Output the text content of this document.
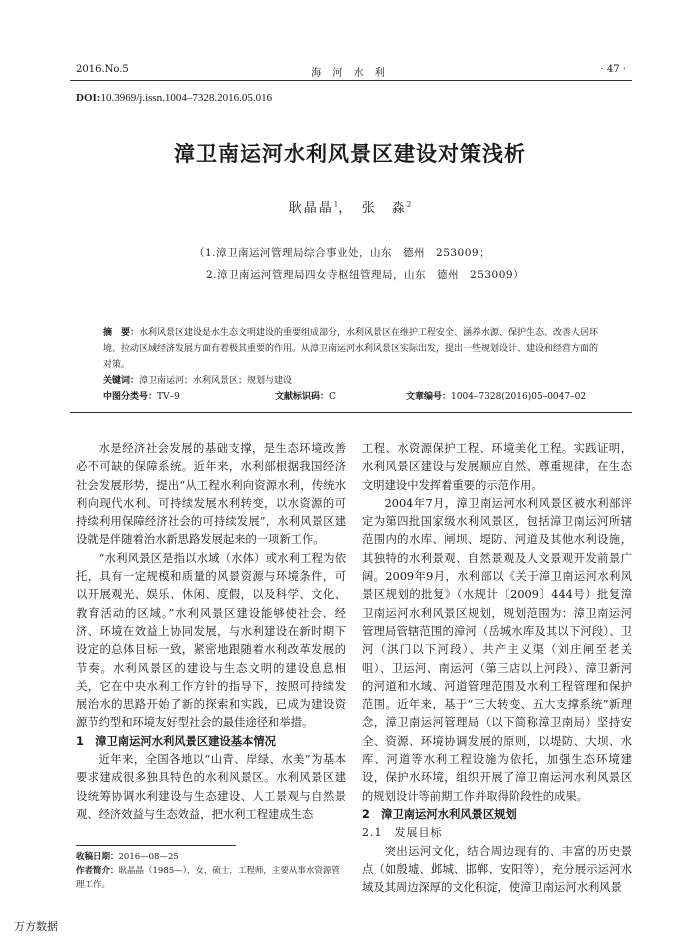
2016.No.5	海 河 水 利	· 47 ·
DOI:10.3969/j.issn.1004–7328.2016.05.016
漳卫南运河水利风景区建设对策浅析
耿晶晶$^1$，　 张　淼$^2$
（1.漳卫南运河管理局综合事业处，山东　德州　253009；
2.漳卫南运河管理局四女寺枢纽管理局，山东　德州　253009）
摘　要：水利风景区建设是水生态文明建设的重要组成部分，水利风景区在维护工程安全、涵养水源、保护生态、改善人居环境、拉动区域经济发展方面有着极其重要的作用。从漳卫南运河水利风景区实际出发，提出一些规划设计、建设和经营方面的对策。
关键词：漳卫南运河；水利风景区；规划与建设
中图分类号：TV–9	文献标识码：C	文章编号：1004–7328(2016)05–0047–02

水是经济社会发展的基础支撑，是生态环境改善必不可缺的保障系统。近年来，水利部根据我国经济社会发展形势，提出“从工程水利向资源水利，传统水利向现代水利、可持续发展水利转变，以水资源的可持续利用保障经济社会的可持续发展”，水利风景区建设就是伴随着治水新思路发展起来的一项新工作。

“水利风景区是指以水域（水体）或水利工程为依托，具有一定规模和质量的风景资源与环境条件，可以开展观光、娱乐、休闲、度假，以及科学、文化、教育活动的区域。”水利风景区建设能够使社会、经济、环境在效益上协同发展，与水利建设在新时期下设定的总体目标一致，紧密地跟随着水利改革发展的节奏。水利风景区的建设与生态文明的建设息息相关，它在中央水利工作方针的指导下，按照可持续发展治水的思路开始了新的探索和实践，已成为建设资源节约型和环境友好型社会的最佳途径和举措。

1　漳卫南运河水利风景区建设基本情况

近年来，全国各地以“山青、岸绿、水美”为基本要求建成很多独具特色的水利风景区。水利风景区建设统筹协调水利建设与生态建设、人工景观与自然景观、经济效益与生态效益，把水利工程建成生态

工程、水资源保护工程、环境美化工程。实践证明，水利风景区建设与发展顺应自然、尊重规律，在生态文明建设中发挥着重要的示范作用。

2004年7月，漳卫南运河水利风景区被水利部评定为第四批国家级水利风景区，包括漳卫南运河所辖范围内的水库、闸坝、堤防、河道及其他水利设施，其独特的水利景观、自然景观及人文景观开发前景广阔。2009年9月，水利部以《关于漳卫南运河水利风景区规划的批复》（水规计〔2009〕444号）批复漳卫南运河水利风景区规划，规划范围为：漳卫南运河管理局管辖范围的漳河（岳城水库及其以下河段）、卫河（淇门以下河段）、共产主义渠（刘庄闸至老关咀）、卫运河、南运河（第三店以上河段）、漳卫新河的河道和水域、河道管理范围及水利工程管理和保护范围。近年来，基于“三大转变、五大支撑系统”新理念，漳卫南运河管理局（以下简称漳卫南局）坚持安全、资源、环境协调发展的原则，以堤防、大坝、水库、河道等水利工程设施为依托，加强生态环境建设，保护水环境，组织开展了漳卫南运河水利风景区的规划设计等前期工作并取得阶段性的成果。

2　漳卫南运河水利风景区规划
2.1　发展目标

突出运河文化，结合周边现有的、丰富的历史景点（如殷墟、邺城、邯郸、安阳等），充分展示运河水域及其周边深厚的文化积淀，使漳卫南运河水利风景

收稿日期：2016—08—25
作者简介：耿晶晶（1985—），女，硕士，工程师，主要从事水资源管理工作。
万方数据
